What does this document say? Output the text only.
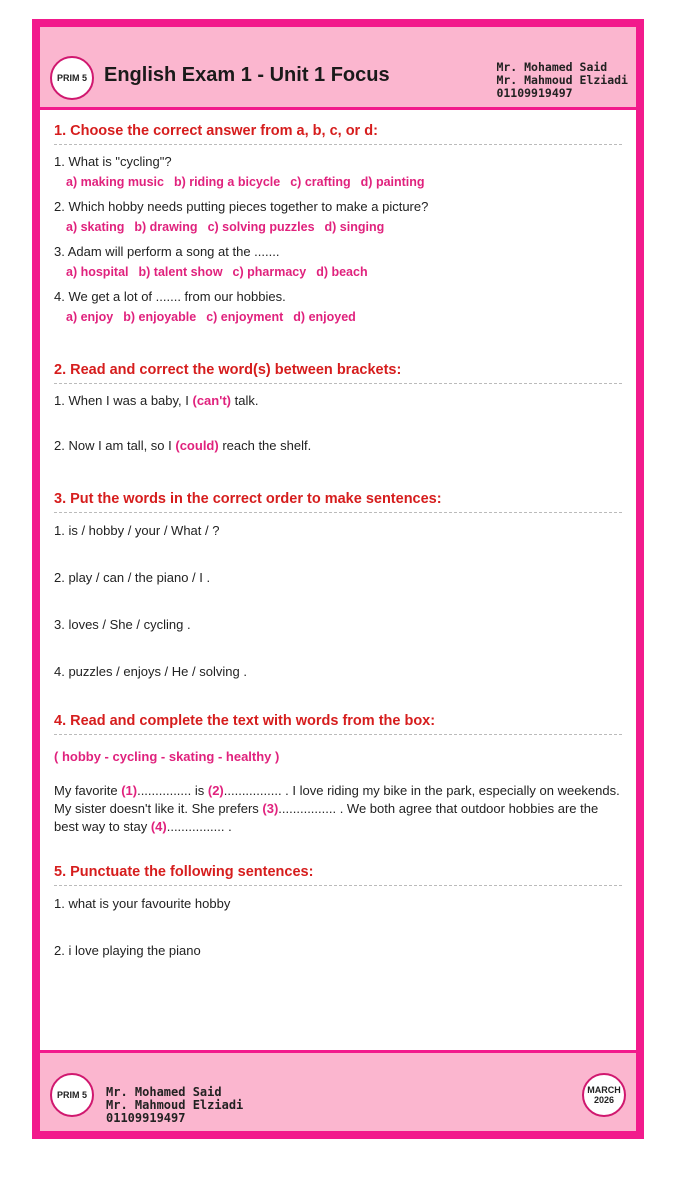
PRIM 5 English Exam 1 - Unit 1 Focus	Mr. Mohamed Said
Mr. Mahmoud Elziadi
01109919497
1. Choose the correct answer from a, b, c, or d:
1. What is "cycling"?
a) making music b) riding a bicycle c) crafting d) painting
2. Which hobby needs putting pieces together to make a picture?
a) skating b) drawing c) solving puzzles d) singing
3. Adam will perform a song at the .......
a) hospital b) talent show c) pharmacy d) beach
4. We get a lot of ....... from our hobbies.
a) enjoy b) enjoyable c) enjoyment d) enjoyed
2. Read and correct the word(s) between brackets:
1. When I was a baby, I (can't) talk.
2. Now I am tall, so I (could) reach the shelf.
3. Put the words in the correct order to make sentences:
1. is / hobby / your / What / ?
2. play / can / the piano / I .
3. loves / She / cycling .
4. puzzles / enjoys / He / solving .
4. Read and complete the text with words from the box:
( hobby - cycling - skating - healthy )
My favorite (1)............... is (2)................ . I love riding my bike in the park, especially on weekends. My sister doesn't like it. She prefers (3)................ . We both agree that outdoor hobbies are the best way to stay (4)................ .
5. Punctuate the following sentences:
1. what is your favourite hobby
2. i love playing the piano
PRIM 5	Mr. Mohamed Said
Mr. Mahmoud Elziadi
01109919497
MARCH
2026
